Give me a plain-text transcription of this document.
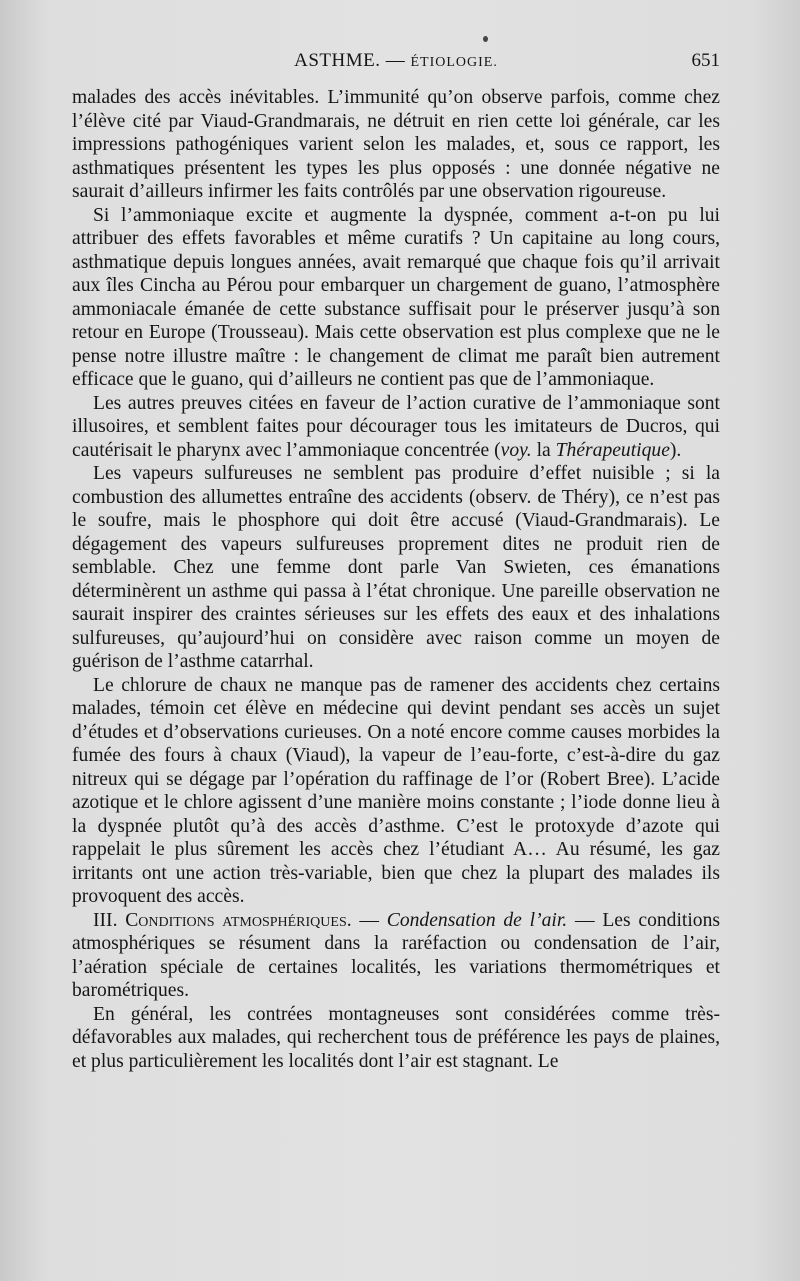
ASTHME. — ÉTIOLOGIE.	651

malades des accès inévitables. L’immunité qu’on observe parfois, comme chez l’élève cité par Viaud-Grandmarais, ne détruit en rien cette loi générale, car les impressions pathogéniques varient selon les malades, et, sous ce rapport, les asthmatiques présentent les types les plus opposés : une donnée négative ne saurait d’ailleurs infirmer les faits contrôlés par une observation rigoureuse.

Si l’ammoniaque excite et augmente la dyspnée, comment a-t-on pu lui attribuer des effets favorables et même curatifs ? Un capitaine au long cours, asthmatique depuis longues années, avait remarqué que chaque fois qu’il arrivait aux îles Cincha au Pérou pour embarquer un chargement de guano, l’atmosphère ammoniacale émanée de cette substance suffisait pour le préserver jusqu’à son retour en Europe (Trousseau). Mais cette observation est plus complexe que ne le pense notre illustre maître : le changement de climat me paraît bien autrement efficace que le guano, qui d’ailleurs ne contient pas que de l’ammoniaque.

Les autres preuves citées en faveur de l’action curative de l’ammoniaque sont illusoires, et semblent faites pour décourager tous les imitateurs de Ducros, qui cautérisait le pharynx avec l’ammoniaque concentrée (voy. la Thérapeutique).

Les vapeurs sulfureuses ne semblent pas produire d’effet nuisible ; si la combustion des allumettes entraîne des accidents (observ. de Théry), ce n’est pas le soufre, mais le phosphore qui doit être accusé (Viaud-Grandmarais). Le dégagement des vapeurs sulfureuses proprement dites ne produit rien de semblable. Chez une femme dont parle Van Swieten, ces émanations déterminèrent un asthme qui passa à l’état chronique. Une pareille observation ne saurait inspirer des craintes sérieuses sur les effets des eaux et des inhalations sulfureuses, qu’aujourd’hui on considère avec raison comme un moyen de guérison de l’asthme catarrhal.

Le chlorure de chaux ne manque pas de ramener des accidents chez certains malades, témoin cet élève en médecine qui devint pendant ses accès un sujet d’études et d’observations curieuses. On a noté encore comme causes morbides la fumée des fours à chaux (Viaud), la vapeur de l’eau-forte, c’est-à-dire du gaz nitreux qui se dégage par l’opération du raffinage de l’or (Robert Bree). L’acide azotique et le chlore agissent d’une manière moins constante ; l’iode donne lieu à la dyspnée plutôt qu’à des accès d’asthme. C’est le protoxyde d’azote qui rappelait le plus sûrement les accès chez l’étudiant A… Au résumé, les gaz irritants ont une action très-variable, bien que chez la plupart des malades ils provoquent des accès.

III. Conditions atmosphériques. — Condensation de l’air. — Les conditions atmosphériques se résument dans la raréfaction ou condensation de l’air, l’aération spéciale de certaines localités, les variations thermométriques et barométriques.

En général, les contrées montagneuses sont considérées comme très-défavorables aux malades, qui recherchent tous de préférence les pays de plaines, et plus particulièrement les localités dont l’air est stagnant. Le
